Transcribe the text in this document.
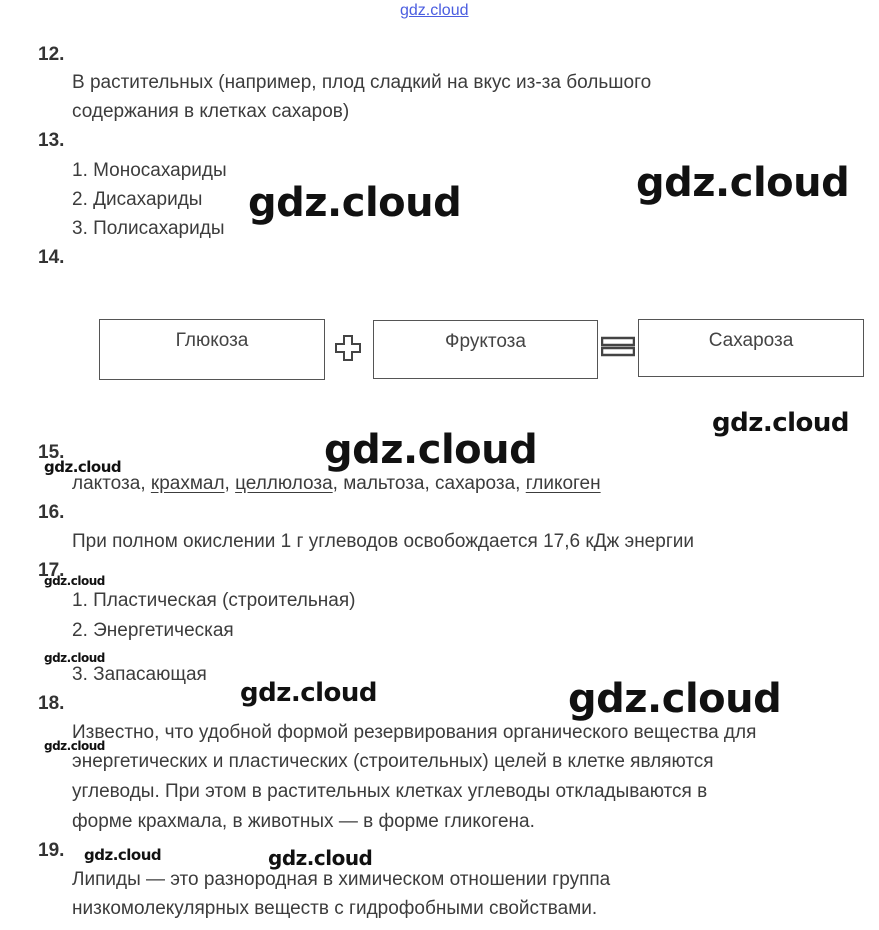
gdz.cloud
12.
В растительных (например, плод сладкий на вкус из-за большого
содержания в клетках сахаров)
13.
1. Моносахариды
2. Дисахариды
3. Полисахариды
14.
Глюкоза	Фруктоза	Сахароза
15.
лактоза, крахмал, целлюлоза, мальтоза, сахароза, гликоген
16.
При полном окислении 1 г углеводов освобождается 17,6 кДж энергии
17.
1. Пластическая (строительная)
2. Энергетическая
3. Запасающая
18.
Известно, что удобной формой резервирования органического вещества для
энергетических и пластических (строительных) целей в клетке являются
углеводы. При этом в растительных клетках углеводы откладываются в
форме крахмала, в животных — в форме гликогена.
19.
Липиды — это разнородная в химическом отношении группа
низкомолекулярных веществ с гидрофобными свойствами.
gdz.cloud
gdz.cloud
gdz.cloud
gdz.cloud
gdz.cloud
gdz.cloud
gdz.cloud
gdz.cloud	gdz.cloud
gdz.cloud
gdz.cloud	gdz.cloud
